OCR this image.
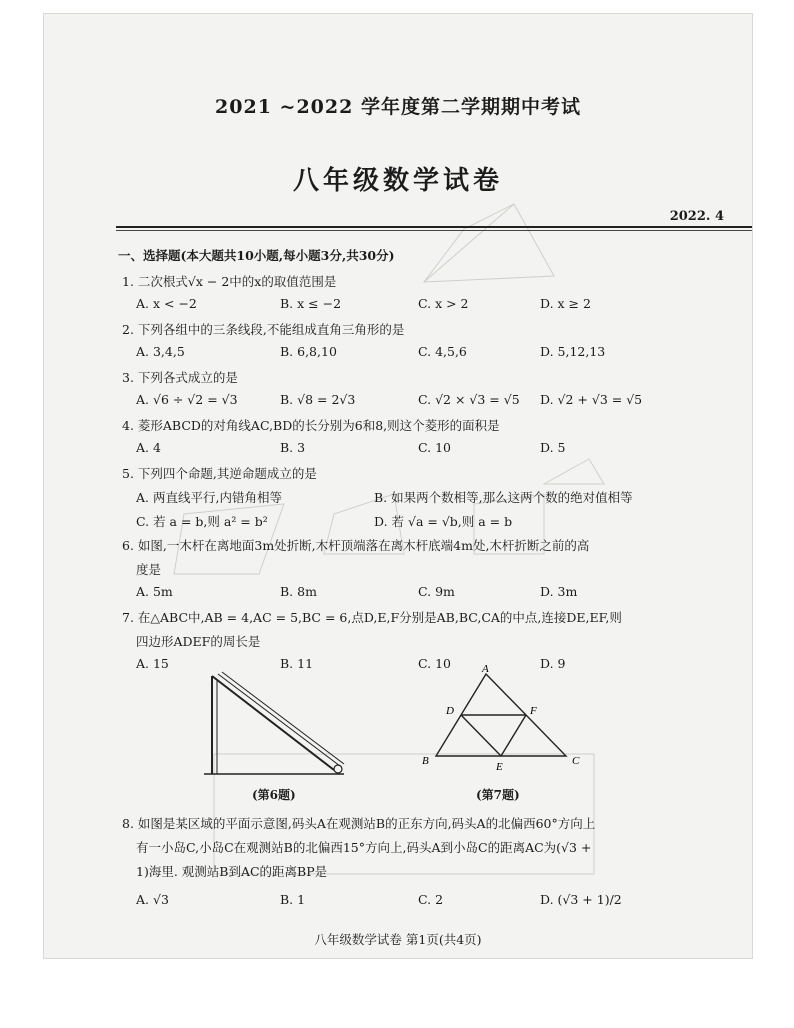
2021 ~2022 学年度第二学期期中考试
八年级数学试卷
2022. 4
一、选择题(本大题共10小题,每小题3分,共30分)
1. 二次根式√x − 2中的x的取值范围是
A. x < −2	B. x ≤ −2	C. x > 2	D. x ≥ 2
2. 下列各组中的三条线段,不能组成直角三角形的是
A. 3,4,5	B. 6,8,10	C. 4,5,6	D. 5,12,13
3. 下列各式成立的是
A. √6 ÷ √2 = √3	B. √8 = 2√3	C. √2 × √3 = √5 D. √2 + √3 = √5
4. 菱形ABCD的对角线AC,BD的长分别为6和8,则这个菱形的面积是
A. 4	B. 3	C. 10	D. 5
5. 下列四个命题,其逆命题成立的是
A. 两直线平行,内错角相等	B. 如果两个数相等,那么这两个数的绝对值相等
C. 若 a = b,则 a² = b²	D. 若 √a = √b,则 a = b
6. 如图,一木杆在离地面3m处折断,木杆顶端落在离木杆底端4m处,木杆折断之前的高
度是
A. 5m	B. 8m	C. 9m	D. 3m
7. 在△ABC中,AB = 4,AC = 5,BC = 6,点D,E,F分别是AB,BC,CA的中点,连接DE,EF,则
四边形ADEF的周长是
A. 15	B. 11	C. 10	D. 9
(第6题)
A
B	C
D
E
F
(第7题)
8. 如图是某区域的平面示意图,码头A在观测站B的正东方向,码头A的北偏西60°方向上
有一小岛C,小岛C在观测站B的北偏西15°方向上,码头A到小岛C的距离AC为(√3 +
1)海里. 观测站B到AC的距离BP是
A. √3	B. 1	C. 2	D. (√3 + 1)/2
八年级数学试卷 第1页(共4页)
